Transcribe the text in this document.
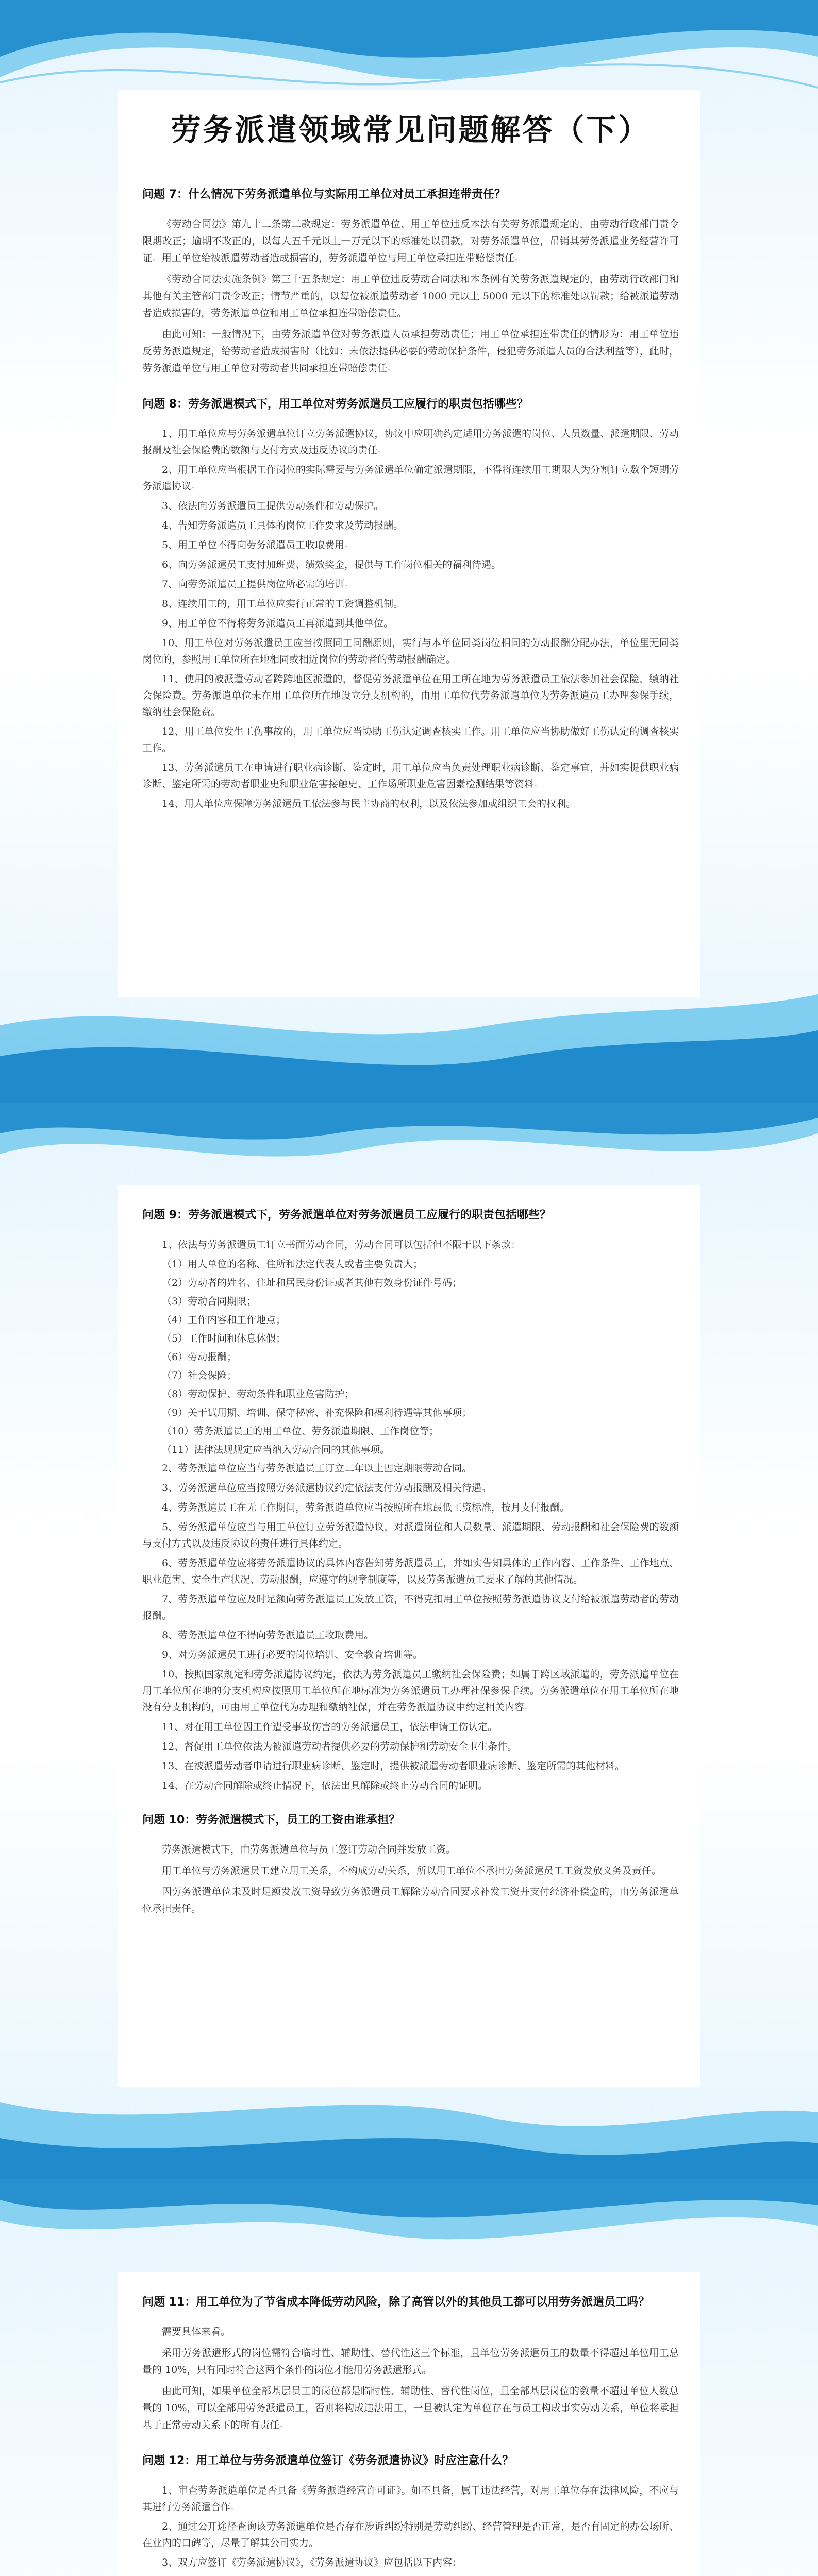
劳务派遣领域常见问题解答（下）

问题 7：什么情况下劳务派遣单位与实际用工单位对员工承担连带责任？

《劳动合同法》第九十二条第二款规定：劳务派遣单位、用工单位违反本法有关劳务派遣规定的，由劳动行政部门责令限期改正；逾期不改正的，以每人五千元以上一万元以下的标准处以罚款，对劳务派遣单位，吊销其劳务派遣业务经营许可证。用工单位给被派遣劳动者造成损害的，劳务派遣单位与用工单位承担连带赔偿责任。

《劳动合同法实施条例》第三十五条规定：用工单位违反劳动合同法和本条例有关劳务派遣规定的，由劳动行政部门和其他有关主管部门责令改正；情节严重的，以每位被派遣劳动者 1000 元以上 5000 元以下的标准处以罚款；给被派遣劳动者造成损害的，劳务派遣单位和用工单位承担连带赔偿责任。

由此可知：一般情况下，由劳务派遣单位对劳务派遣人员承担劳动责任；用工单位承担连带责任的情形为：用工单位违反劳务派遣规定，给劳动者造成损害时（比如：未依法提供必要的劳动保护条件，侵犯劳务派遣人员的合法利益等），此时，劳务派遣单位与用工单位对劳动者共同承担连带赔偿责任。

问题 8：劳务派遣模式下，用工单位对劳务派遣员工应履行的职责包括哪些？

1、用工单位应与劳务派遣单位订立劳务派遣协议，协议中应明确约定适用劳务派遣的岗位、人员数量、派遣期限、劳动报酬及社会保险费的数额与支付方式及违反协议的责任。

2、用工单位应当根据工作岗位的实际需要与劳务派遣单位确定派遣期限，不得将连续用工期限人为分割订立数个短期劳务派遣协议。

3、依法向劳务派遣员工提供劳动条件和劳动保护。

4、告知劳务派遣员工具体的岗位工作要求及劳动报酬。

5、用工单位不得向劳务派遣员工收取费用。

6、向劳务派遣员工支付加班费、绩效奖金，提供与工作岗位相关的福利待遇。

7、向劳务派遣员工提供岗位所必需的培训。

8、连续用工的，用工单位应实行正常的工资调整机制。

9、用工单位不得将劳务派遣员工再派遣到其他单位。

10、用工单位对劳务派遣员工应当按照同工同酬原则，实行与本单位同类岗位相同的劳动报酬分配办法，单位里无同类岗位的，参照用工单位所在地相同或相近岗位的劳动者的劳动报酬确定。

11、使用的被派遣劳动者跨跨地区派遣的，督促劳务派遣单位在用工所在地为劳务派遣员工依法参加社会保险，缴纳社会保险费。劳务派遣单位未在用工单位所在地设立分支机构的，由用工单位代劳务派遣单位为劳务派遣员工办理参保手续，缴纳社会保险费。

12、用工单位发生工伤事故的，用工单位应当协助工伤认定调查核实工作。用工单位应当协助做好工伤认定的调查核实工作。

13、劳务派遣员工在申请进行职业病诊断、鉴定时，用工单位应当负责处理职业病诊断、鉴定事宜，并如实提供职业病诊断、鉴定所需的劳动者职业史和职业危害接触史、工作场所职业危害因素检测结果等资料。

14、用人单位应保障劳务派遣员工依法参与民主协商的权利，以及依法参加或组织工会的权利。

问题 9：劳务派遣模式下，劳务派遣单位对劳务派遣员工应履行的职责包括哪些？

1、依法与劳务派遣员工订立书面劳动合同，劳动合同可以包括但不限于以下条款：

（1）用人单位的名称、住所和法定代表人或者主要负责人；

（2）劳动者的姓名、住址和居民身份证或者其他有效身份证件号码；

（3）劳动合同期限；

（4）工作内容和工作地点；

（5）工作时间和休息休假；

（6）劳动报酬；

（7）社会保险；

（8）劳动保护、劳动条件和职业危害防护；

（9）关于试用期、培训、保守秘密、补充保险和福利待遇等其他事项；

（10）劳务派遣员工的用工单位、劳务派遣期限、工作岗位等；

（11）法律法规规定应当纳入劳动合同的其他事项。

2、劳务派遣单位应当与劳务派遣员工订立二年以上固定期限劳动合同。

3、劳务派遣单位应当按照劳务派遣协议约定依法支付劳动报酬及相关待遇。

4、劳务派遣员工在无工作期间，劳务派遣单位应当按照所在地最低工资标准，按月支付报酬。

5、劳务派遣单位应当与用工单位订立劳务派遣协议，对派遣岗位和人员数量、派遣期限、劳动报酬和社会保险费的数额与支付方式以及违反协议的责任进行具体约定。

6、劳务派遣单位应将劳务派遣协议的具体内容告知劳务派遣员工，并如实告知具体的工作内容、工作条件、工作地点、职业危害、安全生产状况、劳动报酬，应遵守的规章制度等，以及劳务派遣员工要求了解的其他情况。

7、劳务派遣单位应及时足额向劳务派遣员工发放工资，不得克扣用工单位按照劳务派遣协议支付给被派遣劳动者的劳动报酬。

8、劳务派遣单位不得向劳务派遣员工收取费用。

9、对劳务派遣员工进行必要的岗位培训、安全教育培训等。

10、按照国家规定和劳务派遣协议约定，依法为劳务派遣员工缴纳社会保险费；如属于跨区域派遣的，劳务派遣单位在用工单位所在地的分支机构应按照用工单位所在地标准为劳务派遣员工办理社保参保手续。劳务派遣单位在用工单位所在地没有分支机构的，可由用工单位代为办理和缴纳社保，并在劳务派遣协议中约定相关内容。

11、对在用工单位因工作遭受事故伤害的劳务派遣员工，依法申请工伤认定。

12、督促用工单位依法为被派遣劳动者提供必要的劳动保护和劳动安全卫生条件。

13、在被派遣劳动者申请进行职业病诊断、鉴定时，提供被派遣劳动者职业病诊断、鉴定所需的其他材料。

14、在劳动合同解除或终止情况下，依法出具解除或终止劳动合同的证明。

问题 10：劳务派遣模式下，员工的工资由谁承担？

劳务派遣模式下，由劳务派遣单位与员工签订劳动合同并发放工资。

用工单位与劳务派遣员工建立用工关系，不构成劳动关系，所以用工单位不承担劳务派遣员工工资发放义务及责任。

因劳务派遣单位未及时足额发放工资导致劳务派遣员工解除劳动合同要求补发工资并支付经济补偿金的，由劳务派遣单位承担责任。

问题 11：用工单位为了节省成本降低劳动风险，除了高管以外的其他员工都可以用劳务派遣员工吗？

需要具体来看。

采用劳务派遣形式的岗位需符合临时性、辅助性、替代性这三个标准，且单位劳务派遣员工的数量不得超过单位用工总量的 10%，只有同时符合这两个条件的岗位才能用劳务派遣形式。

由此可知，如果单位全部基层员工的岗位都是临时性、辅助性、替代性岗位，且全部基层岗位的数量不超过单位人数总量的 10%，可以全部用劳务派遣员工，否则将构成违法用工，一旦被认定为单位存在与员工构成事实劳动关系，单位将承担基于正常劳动关系下的所有责任。

问题 12：用工单位与劳务派遣单位签订《劳务派遣协议》时应注意什么？

1、审查劳务派遣单位是否具备《劳务派遣经营许可证》。如不具备，属于违法经营，对用工单位存在法律风险，不应与其进行劳务派遣合作。

2、通过公开途径查询该劳务派遣单位是否存在涉诉纠纷特别是劳动纠纷、经营管理是否正常，是否有固定的办公场所、在业内的口碑等，尽量了解其公司实力。

3、双方应签订《劳务派遣协议》，《劳务派遣协议》应包括以下内容：
